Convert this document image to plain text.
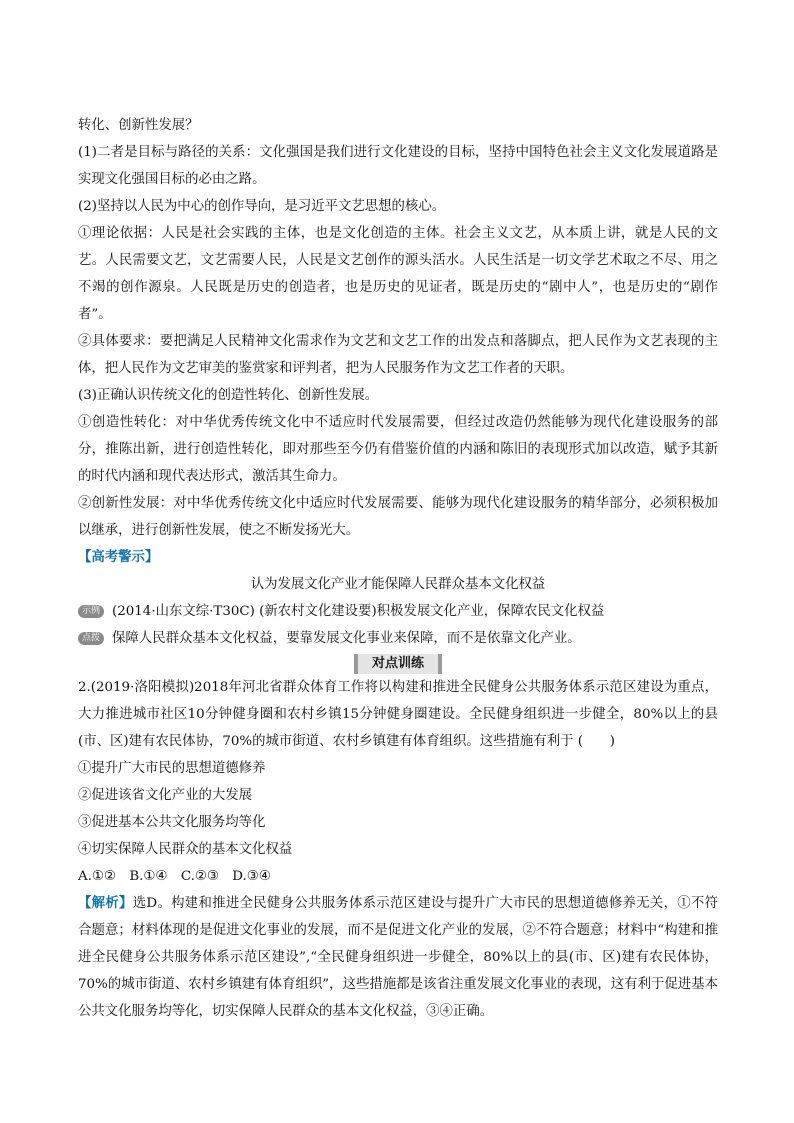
转化、创新性发展？

(1)二者是目标与路径的关系：文化强国是我们进行文化建设的目标，坚持中国特色社会主义文化发展道路是实现文化强国目标的必由之路。

(2)坚持以人民为中心的创作导向，是习近平文艺思想的核心。

①理论依据：人民是社会实践的主体，也是文化创造的主体。社会主义文艺，从本质上讲，就是人民的文艺。人民需要文艺，文艺需要人民，人民是文艺创作的源头活水。人民生活是一切文学艺术取之不尽、用之不竭的创作源泉。人民既是历史的创造者，也是历史的见证者，既是历史的“剧中人”，也是历史的“剧作者”。

②具体要求：要把满足人民精神文化需求作为文艺和文艺工作的出发点和落脚点，把人民作为文艺表现的主体，把人民作为文艺审美的鉴赏家和评判者，把为人民服务作为文艺工作者的天职。

(3)正确认识传统文化的创造性转化、创新性发展。

①创造性转化：对中华优秀传统文化中不适应时代发展需要，但经过改造仍然能够为现代化建设服务的部分，推陈出新，进行创造性转化，即对那些至今仍有借鉴价值的内涵和陈旧的表现形式加以改造，赋予其新的时代内涵和现代表达形式，激活其生命力。

②创新性发展：对中华优秀传统文化中适应时代发展需要、能够为现代化建设服务的精华部分，必须积极加以继承，进行创新性发展，使之不断发扬光大。

【高考警示】

认为发展文化产业才能保障人民群众基本文化权益

示例 (2014·山东文综·T30C) (新农村文化建设要)积极发展文化产业，保障农民文化权益
点拨 保障人民群众基本文化权益，要靠发展文化事业来保障，而不是依靠文化产业。
对点训练

2.(2019·洛阳模拟)2018年河北省群众体育工作将以构建和推进全民健身公共服务体系示范区建设为重点，大力推进城市社区10分钟健身圈和农村乡镇15分钟健身圈建设。全民健身组织进一步健全，80%以上的县(市、区)建有农民体协，70%的城市街道、农村乡镇建有体育组织。这些措施有利于 (　　)

①提升广大市民的思想道德修养

②促进该省文化产业的大发展

③促进基本公共文化服务均等化

④切实保障人民群众的基本文化权益

A.①②　B.①④　C.②③　D.③④

【解析】选D。构建和推进全民健身公共服务体系示范区建设与提升广大市民的思想道德修养无关，①不符合题意；材料体现的是促进文化事业的发展，而不是促进文化产业的发展，②不符合题意；材料中“构建和推进全民健身公共服务体系示范区建设”,“全民健身组织进一步健全，80%以上的县(市、区)建有农民体协，70%的城市街道、农村乡镇建有体育组织”，这些措施都是该省注重发展文化事业的表现，这有利于促进基本公共文化服务均等化，切实保障人民群众的基本文化权益，③④正确。
